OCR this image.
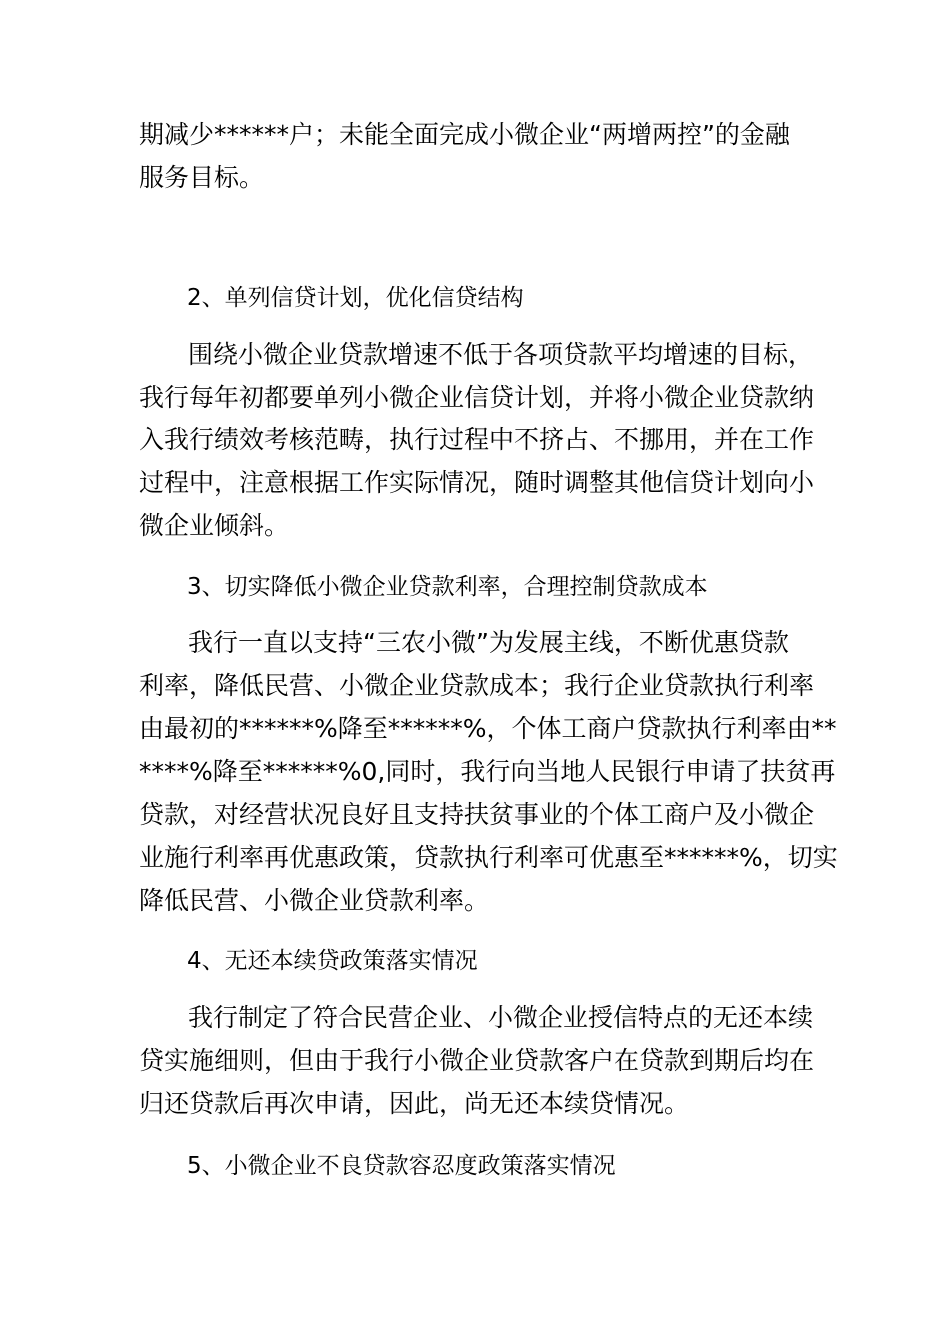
期减少******户；未能全面完成小微企业“两增两控”的金融
服务目标。
2、单列信贷计划，优化信贷结构
围绕小微企业贷款增速不低于各项贷款平均增速的目标，
我行每年初都要单列小微企业信贷计划，并将小微企业贷款纳
入我行绩效考核范畴，执行过程中不挤占、不挪用，并在工作
过程中，注意根据工作实际情况，随时调整其他信贷计划向小
微企业倾斜。
3、切实降低小微企业贷款利率，合理控制贷款成本
我行一直以支持“三农小微”为发展主线，不断优惠贷款
利率，降低民营、小微企业贷款成本；我行企业贷款执行利率
由最初的******%降至******%，个体工商户贷款执行利率由**
****%降至******%0,同时，我行向当地人民银行申请了扶贫再
贷款，对经营状况良好且支持扶贫事业的个体工商户及小微企
业施行利率再优惠政策，贷款执行利率可优惠至******%，切实
降低民营、小微企业贷款利率。
4、无还本续贷政策落实情况
我行制定了符合民营企业、小微企业授信特点的无还本续
贷实施细则，但由于我行小微企业贷款客户在贷款到期后均在
归还贷款后再次申请，因此，尚无还本续贷情况。
5、小微企业不良贷款容忍度政策落实情况
